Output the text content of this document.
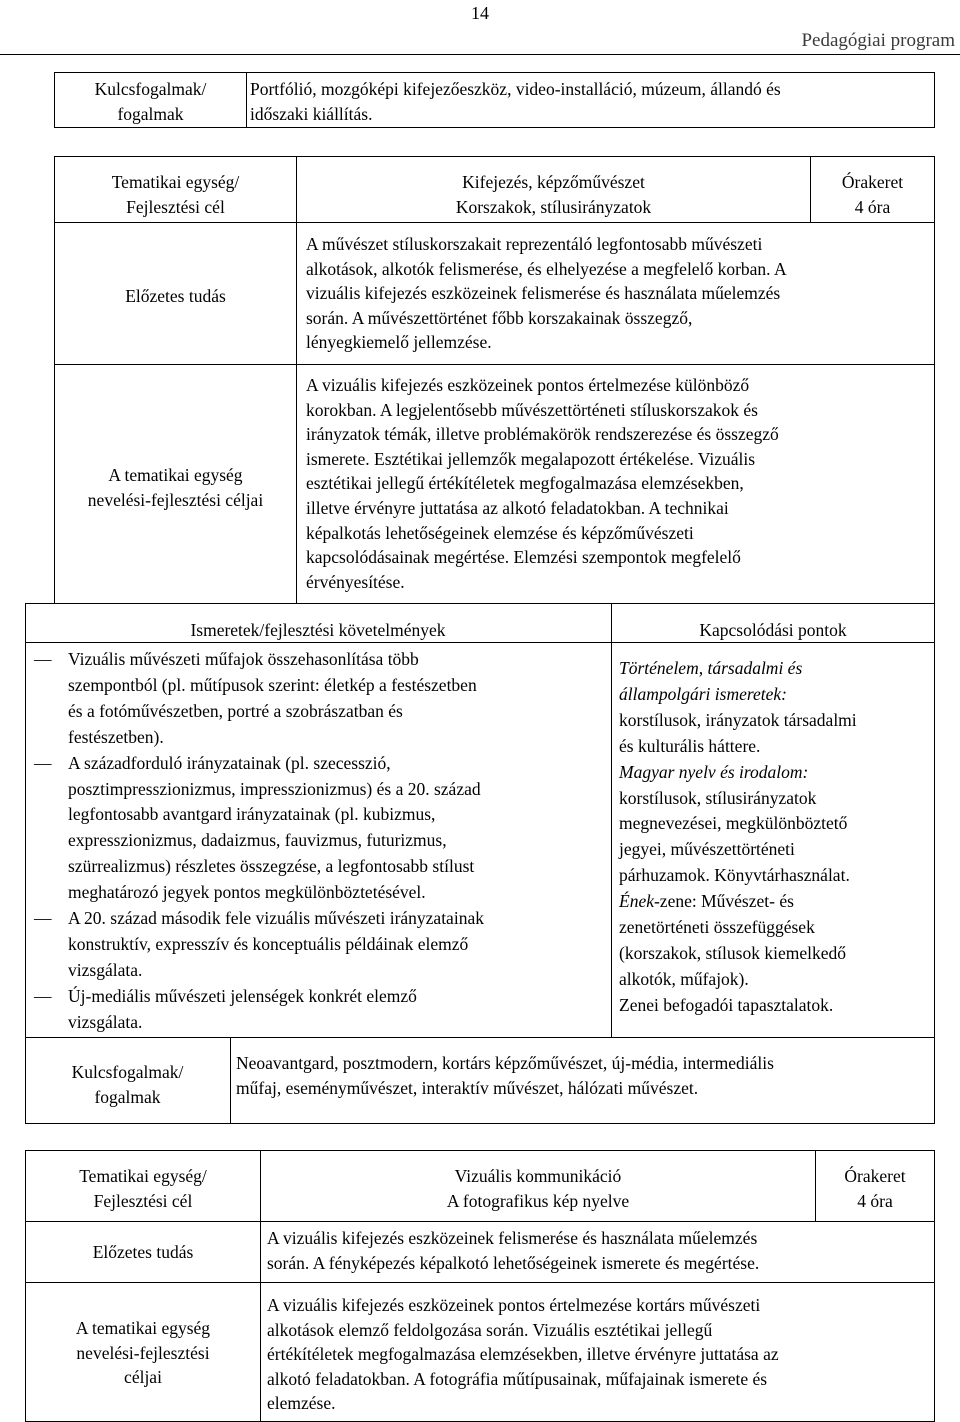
14
Pedagógiai program
Kulcsfogalmak/
fogalmak
Portfólió, mozgóképi kifejezőeszköz, video-installáció, múzeum, állandó és
időszaki kiállítás.
Tematikai egység/
Fejlesztési cél
Kifejezés, képzőművészet
Korszakok, stílusirányzatok
Órakeret
4 óra
Előzetes tudás
A művészet stíluskorszakait reprezentáló legfontosabb művészeti
alkotások, alkotók felismerése, és elhelyezése a megfelelő korban. A
vizuális kifejezés eszközeinek felismerése és használata műelemzés
során. A művészettörténet főbb korszakainak összegző,
lényegkiemelő jellemzése.
A tematikai egység
nevelési-fejlesztési céljai
A vizuális kifejezés eszközeinek pontos értelmezése különböző
korokban. A legjelentősebb művészettörténeti stíluskorszakok és
irányzatok témák, illetve problémakörök rendszerezése és összegző
ismerete. Esztétikai jellemzők megalapozott értékelése. Vizuális
esztétikai jellegű értékítéletek megfogalmazása elemzésekben,
illetve érvényre juttatása az alkotó feladatokban. A technikai
képalkotás lehetőségeinek elemzése és képzőművészeti
kapcsolódásainak megértése. Elemzési szempontok megfelelő
érvényesítése.
Ismeretek/fejlesztési követelmények	Kapcsolódási pontok
— Vizuális művészeti műfajok összehasonlítása több
szempontból (pl. műtípusok szerint: életkép a festészetben
és a fotóművészetben, portré a szobrászatban és
festészetben).
— A századforduló irányzatainak (pl. szecesszió,
posztimpresszionizmus, impresszionizmus) és a 20. század
legfontosabb avantgard irányzatainak (pl. kubizmus,
expresszionizmus, dadaizmus, fauvizmus, futurizmus,
szürrealizmus) részletes összegzése, a legfontosabb stílust
meghatározó jegyek pontos megkülönböztetésével.
— A 20. század második fele vizuális művészeti irányzatainak
konstruktív, expresszív és konceptuális példáinak elemző
vizsgálata.
— Új-mediális művészeti jelenségek konkrét elemző
vizsgálata.
Történelem, társadalmi és
állampolgári ismeretek:
korstílusok, irányzatok társadalmi
és kulturális háttere.
Magyar nyelv és irodalom:
korstílusok, stílusirányzatok
megnevezései, megkülönböztető
jegyei, művészettörténeti
párhuzamok. Könyvtárhasználat.
Ének-zene: Művészet- és
zenetörténeti összefüggések
(korszakok, stílusok kiemelkedő
alkotók, műfajok).
Zenei befogadói tapasztalatok.
Kulcsfogalmak/
fogalmak
Neoavantgard, posztmodern, kortárs képzőművészet, új-média, intermediális
műfaj, eseményművészet, interaktív művészet, hálózati művészet.
Tematikai egység/
Fejlesztési cél
Vizuális kommunikáció
A fotografikus kép nyelve
Órakeret
4 óra
Előzetes tudás
A vizuális kifejezés eszközeinek felismerése és használata műelemzés
során. A fényképezés képalkotó lehetőségeinek ismerete és megértése.
A tematikai egység
nevelési-fejlesztési
céljai
A vizuális kifejezés eszközeinek pontos értelmezése kortárs művészeti
alkotások elemző feldolgozása során. Vizuális esztétikai jellegű
értékítéletek megfogalmazása elemzésekben, illetve érvényre juttatása az
alkotó feladatokban. A fotográfia műtípusainak, műfajainak ismerete és
elemzése.
